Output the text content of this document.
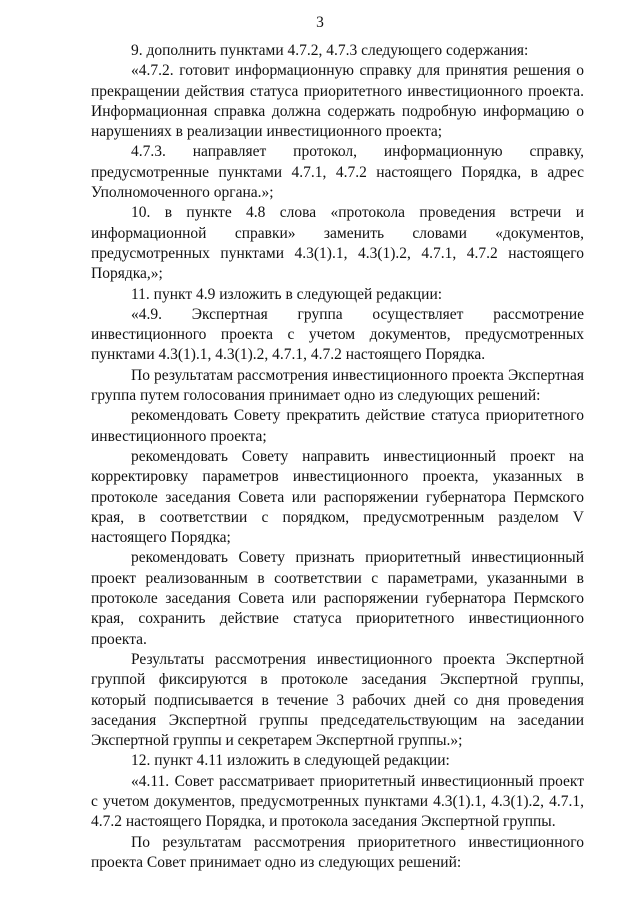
3

9. дополнить пунктами 4.7.2, 4.7.3 следующего содержания:

«4.7.2. готовит информационную справку для принятия решения о прекращении действия статуса приоритетного инвестиционного проекта. Информационная справка должна содержать подробную информацию о нарушениях в реализации инвестиционного проекта;

4.7.3. направляет протокол, информационную справку, предусмотренные пунктами 4.7.1, 4.7.2 настоящего Порядка, в адрес Уполномоченного органа.»;

10. в пункте 4.8 слова «протокола проведения встречи и информационной справки» заменить словами «документов, предусмотренных пунктами 4.3(1).1, 4.3(1).2, 4.7.1, 4.7.2 настоящего Порядка,»;

11. пункт 4.9 изложить в следующей редакции:

«4.9. Экспертная группа осуществляет рассмотрение инвестиционного проекта с учетом документов, предусмотренных пунктами 4.3(1).1, 4.3(1).2, 4.7.1, 4.7.2 настоящего Порядка.

По результатам рассмотрения инвестиционного проекта Экспертная группа путем голосования принимает одно из следующих решений:

рекомендовать Совету прекратить действие статуса приоритетного инвестиционного проекта;

рекомендовать Совету направить инвестиционный проект на корректировку параметров инвестиционного проекта, указанных в протоколе заседания Совета или распоряжении губернатора Пермского края, в соответствии с порядком, предусмотренным разделом V настоящего Порядка;

рекомендовать Совету признать приоритетный инвестиционный проект реализованным в соответствии с параметрами, указанными в протоколе заседания Совета или распоряжении губернатора Пермского края, сохранить действие статуса приоритетного инвестиционного проекта.

Результаты рассмотрения инвестиционного проекта Экспертной группой фиксируются в протоколе заседания Экспертной группы, который подписывается в течение 3 рабочих дней со дня проведения заседания Экспертной группы председательствующим на заседании Экспертной группы и секретарем Экспертной группы.»;

12. пункт 4.11 изложить в следующей редакции:

«4.11. Совет рассматривает приоритетный инвестиционный проект с учетом документов, предусмотренных пунктами 4.3(1).1, 4.3(1).2, 4.7.1, 4.7.2 настоящего Порядка, и протокола заседания Экспертной группы.

По результатам рассмотрения приоритетного инвестиционного проекта Совет принимает одно из следующих решений:
